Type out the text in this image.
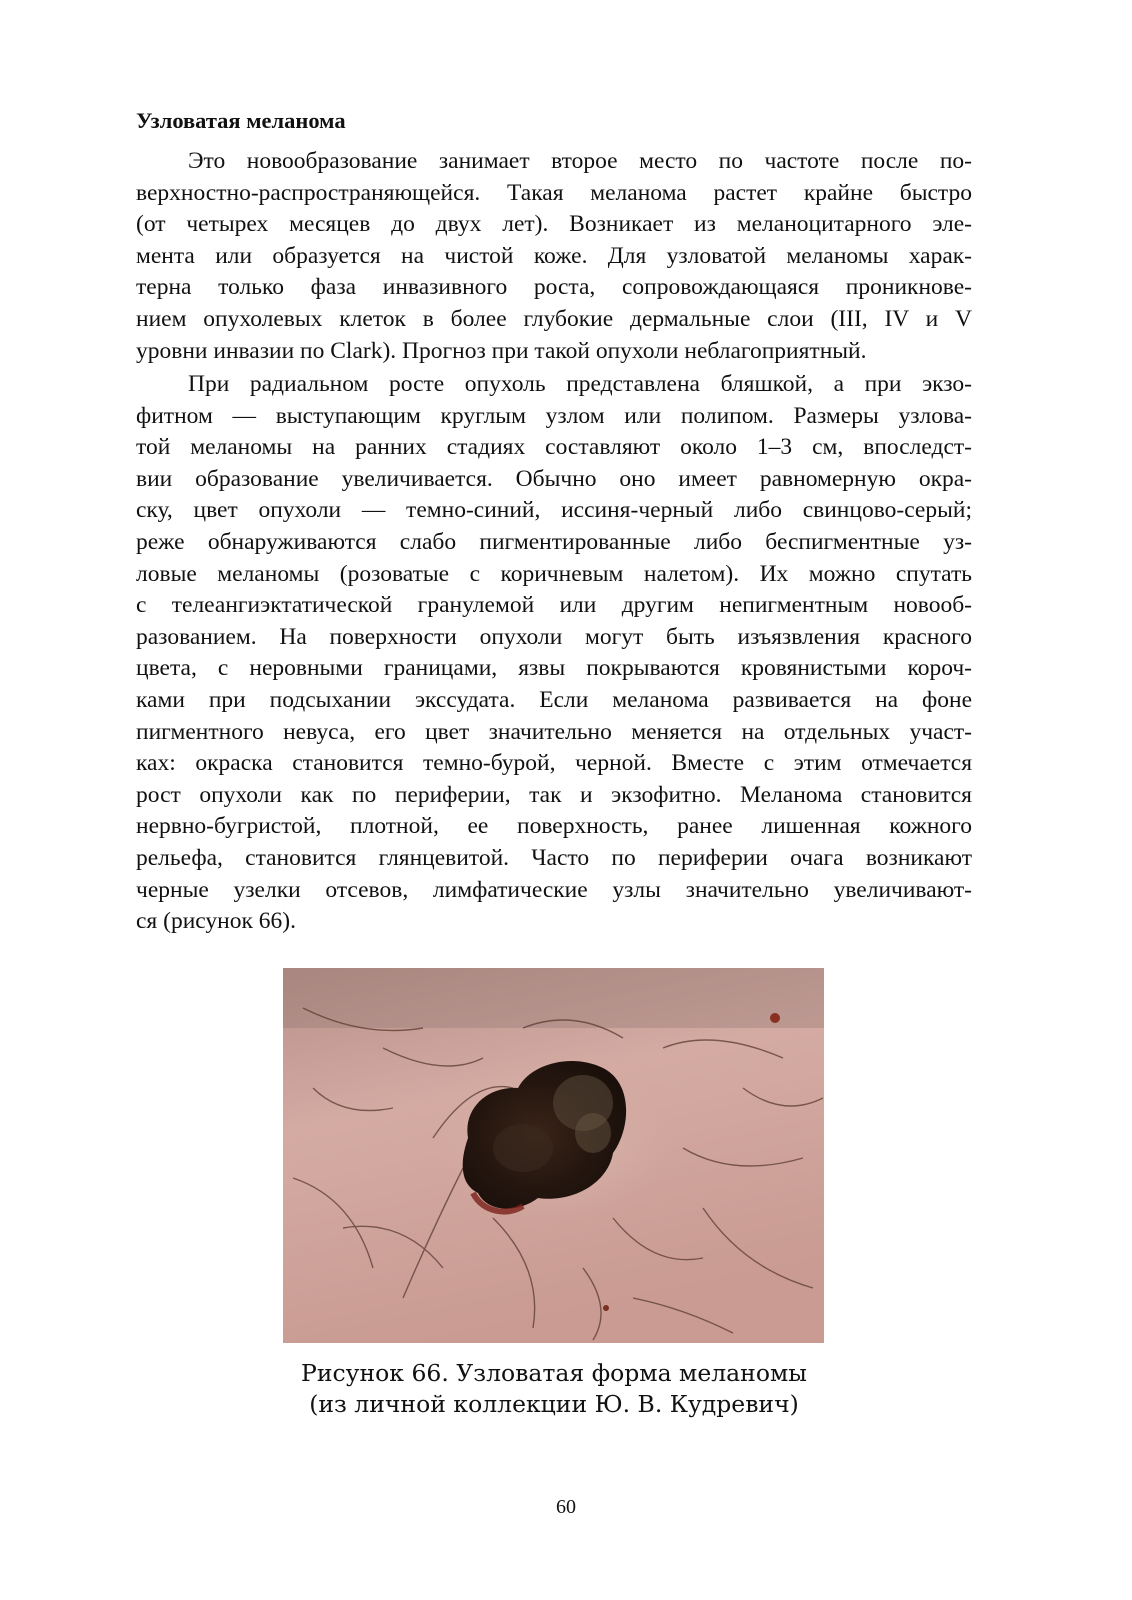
Узловатая меланома
Это новообразование занимает второе место по частоте после по-
верхностно-распространяющейся. Такая меланома растет крайне быстро
(от четырех месяцев до двух лет). Возникает из меланоцитарного эле-
мента или образуется на чистой коже. Для узловатой меланомы харак-
терна только фаза инвазивного роста, сопровождающаяся проникнове-
нием опухолевых клеток в более глубокие дермальные слои (III, IV и V
уровни инвазии по Clark). Прогноз при такой опухоли неблагоприятный.
При радиальном росте опухоль представлена бляшкой, а при экзо-
фитном — выступающим круглым узлом или полипом. Размеры узлова-
той меланомы на ранних стадиях составляют около 1–3 см, впоследст-
вии образование увеличивается. Обычно оно имеет равномерную окра-
ску, цвет опухоли — темно-синий, иссиня-черный либо свинцово-серый;
реже обнаруживаются слабо пигментированные либо беспигментные уз-
ловые меланомы (розоватые с коричневым налетом). Их можно спутать
с телеангиэктатической гранулемой или другим непигментным новооб-
разованием. На поверхности опухоли могут быть изъязвления красного
цвета, с неровными границами, язвы покрываются кровянистыми короч-
ками при подсыхании экссудата. Если меланома развивается на фоне
пигментного невуса, его цвет значительно меняется на отдельных участ-
ках: окраска становится темно-бурой, черной. Вместе с этим отмечается
рост опухоли как по периферии, так и экзофитно. Меланома становится
нервно-бугристой, плотной, ее поверхность, ранее лишенная кожного
рельефа, становится глянцевитой. Часто по периферии очага возникают
черные узелки отсевов, лимфатические узлы значительно увеличивают-
ся (рисунок 66).
Рисунок 66. Узловатая форма меланомы
(из личной коллекции Ю. В. Кудревич)
60
